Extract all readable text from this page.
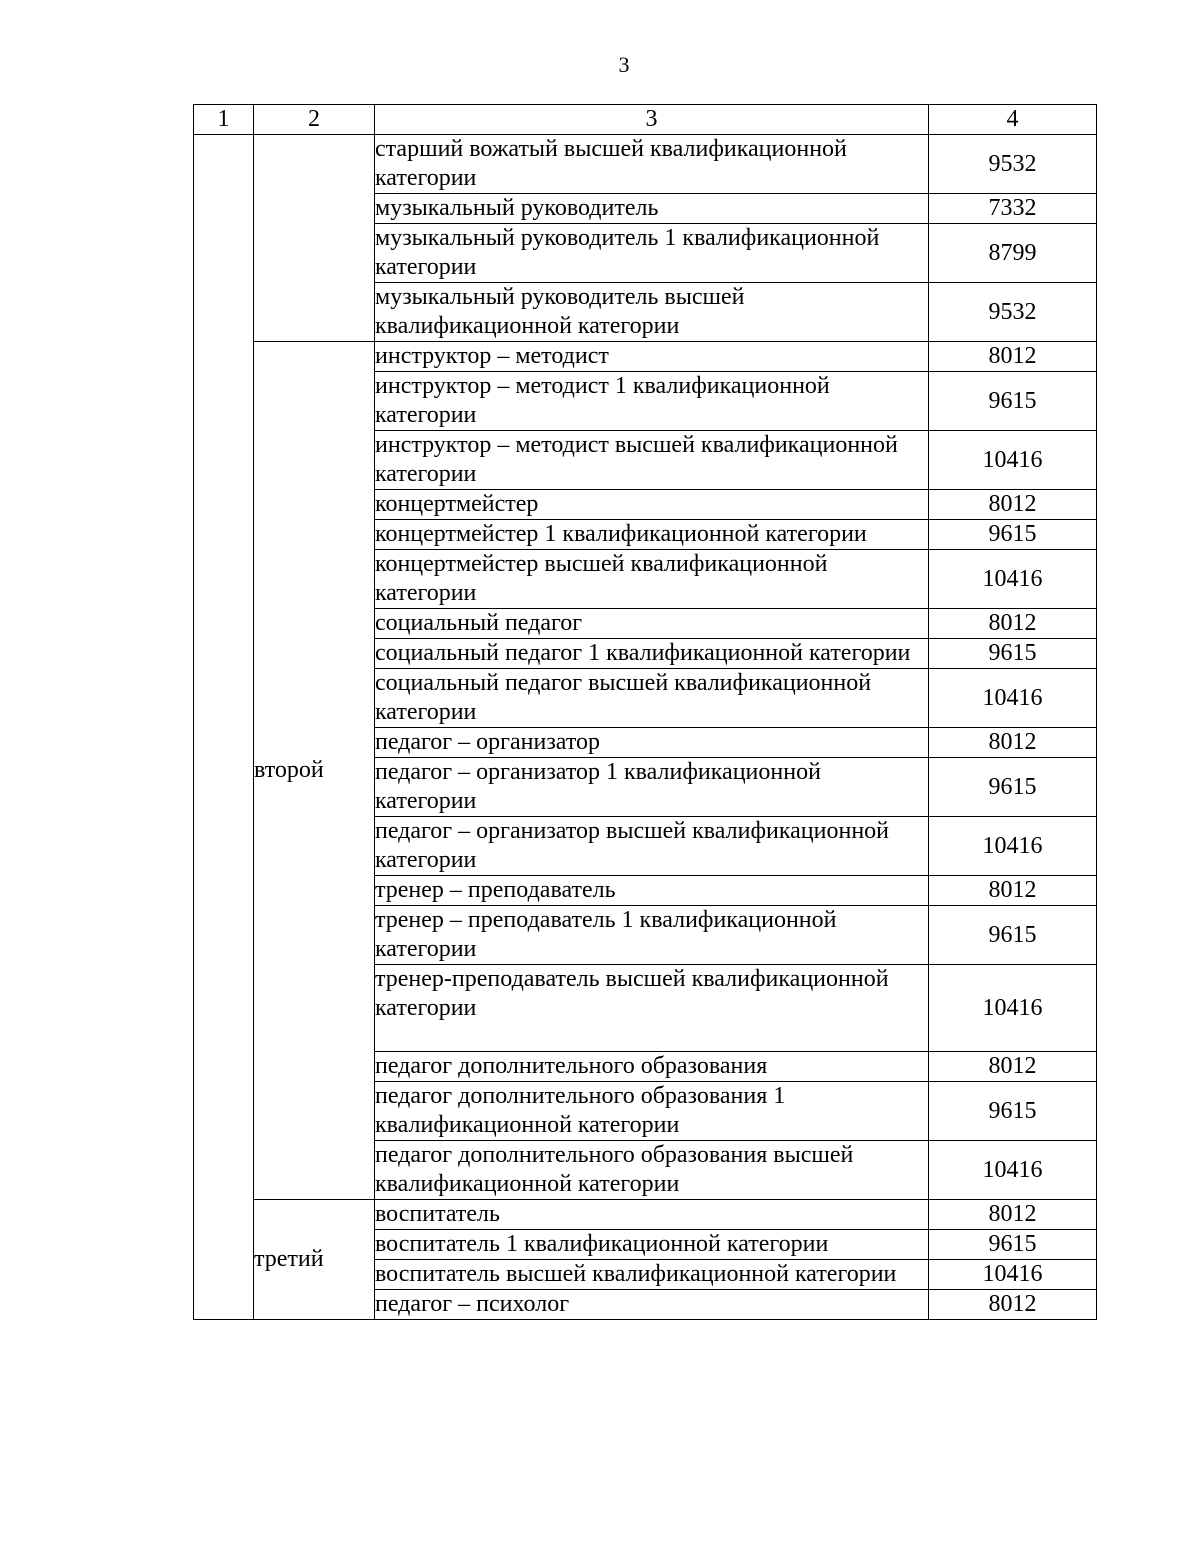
3
1	2	3	4
		старший вожатый высшей квалификационной категории	9532
		музыкальный руководитель	7332
		музыкальный руководитель 1 квалификационной категории	8799
		музыкальный руководитель высшей квалификационной категории	9532
	второй	инструктор – методист	8012
		инструктор – методист 1 квалификационной категории	9615
		инструктор – методист высшей квалификационной категории	10416
		концертмейстер	8012
		концертмейстер 1 квалификационной категории	9615
		концертмейстер высшей квалификационной категории	10416
		социальный педагог	8012
		социальный педагог 1 квалификационной категории	9615
		социальный педагог высшей квалификационной категории	10416
		педагог – организатор	8012
		педагог – организатор 1 квалификационной категории	9615
		педагог – организатор высшей квалификационной категории	10416
		тренер – преподаватель	8012
		тренер – преподаватель 1 квалификационной категории	9615
		тренер-преподаватель высшей квалификационной категории	10416
		педагог дополнительного образования	8012
		педагог дополнительного образования 1 квалификационной категории	9615
		педагог дополнительного образования высшей квалификационной категории	10416
	третий	воспитатель	8012
		воспитатель 1 квалификационной категории	9615
		воспитатель высшей квалификационной категории	10416
		педагог – психолог	8012
